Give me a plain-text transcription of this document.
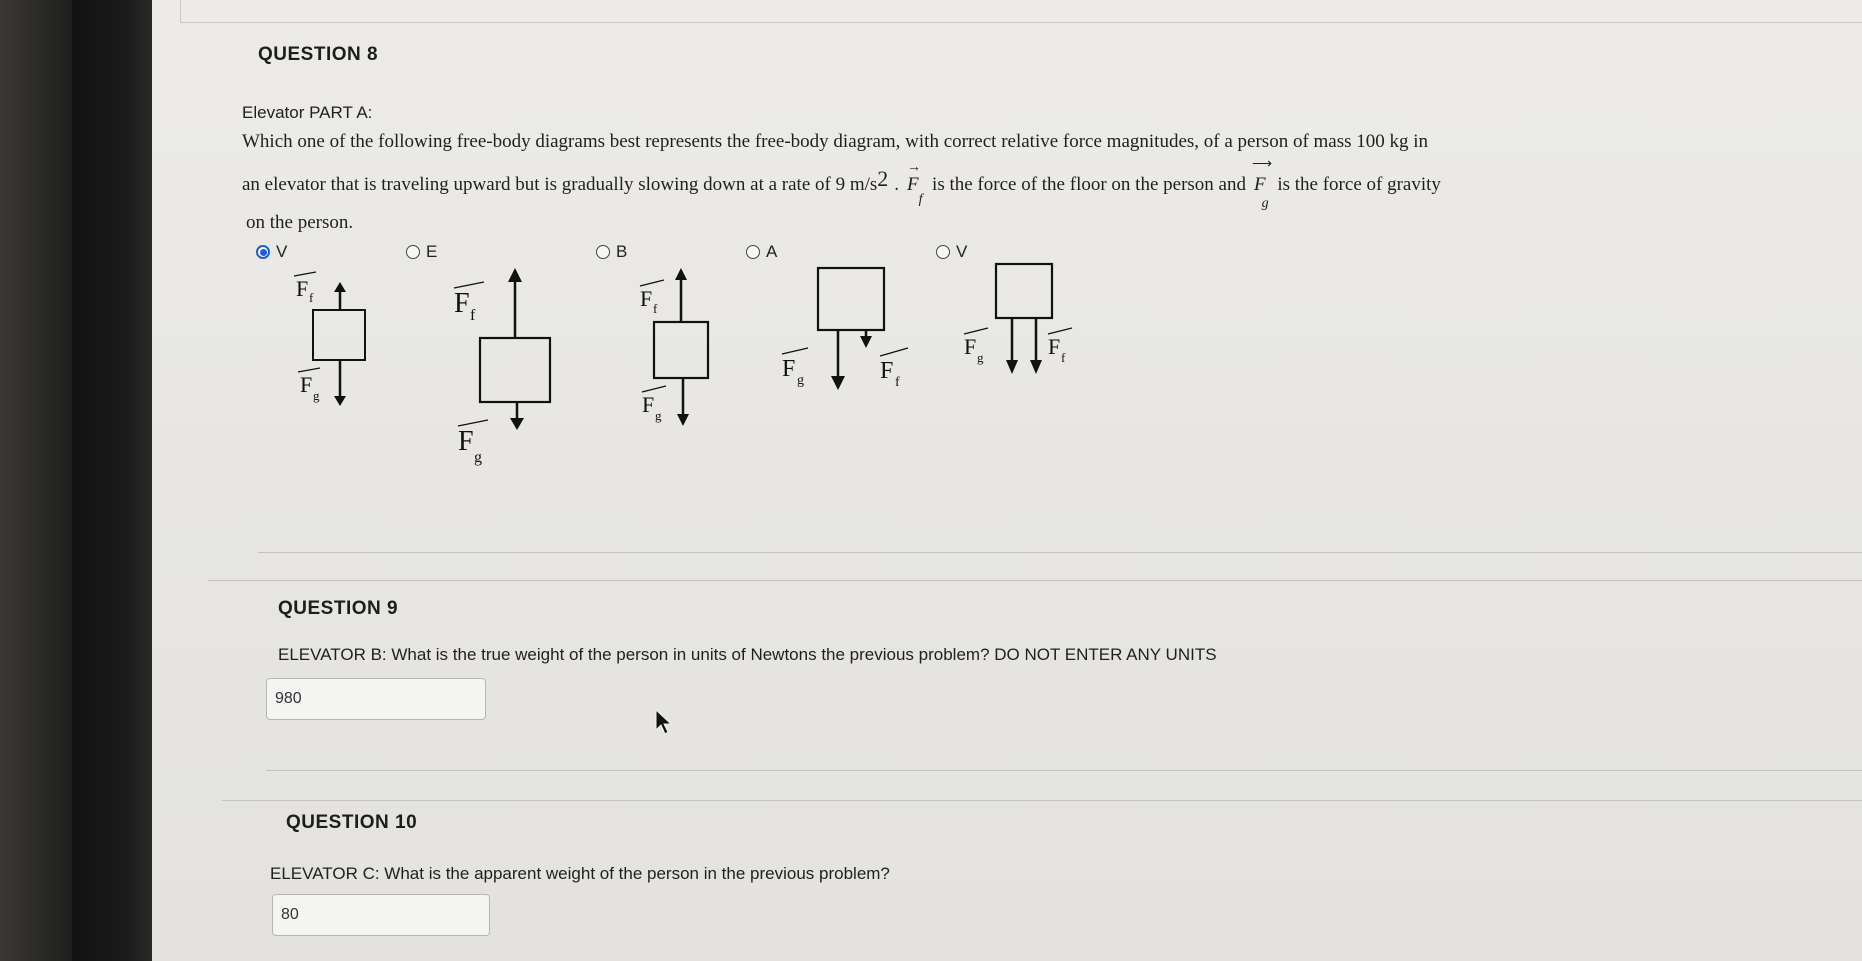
QUESTION 8
Elevator PART A:
Which one of the following free-body diagrams best represents the free-body diagram, with correct relative force magnitudes, of a person of mass 100 kg in
an elevator that is traveling upward but is gradually slowing down at a rate of
9 $m/s^2$ .
→
$F_f$

is the force of the floor on the person and
⟶
$F_g$

is the force of gravity
on the person.
V	E	B	A	V
F f
F g
F f
F
g
F f
F g
F g	F f
F g	F f
QUESTION 9
ELEVATOR B: What is the true weight of the person in units of Newtons the previous problem? DO NOT ENTER ANY UNITS
980
QUESTION 10
ELEVATOR C: What is the apparent weight of the person in the previous problem?
80
